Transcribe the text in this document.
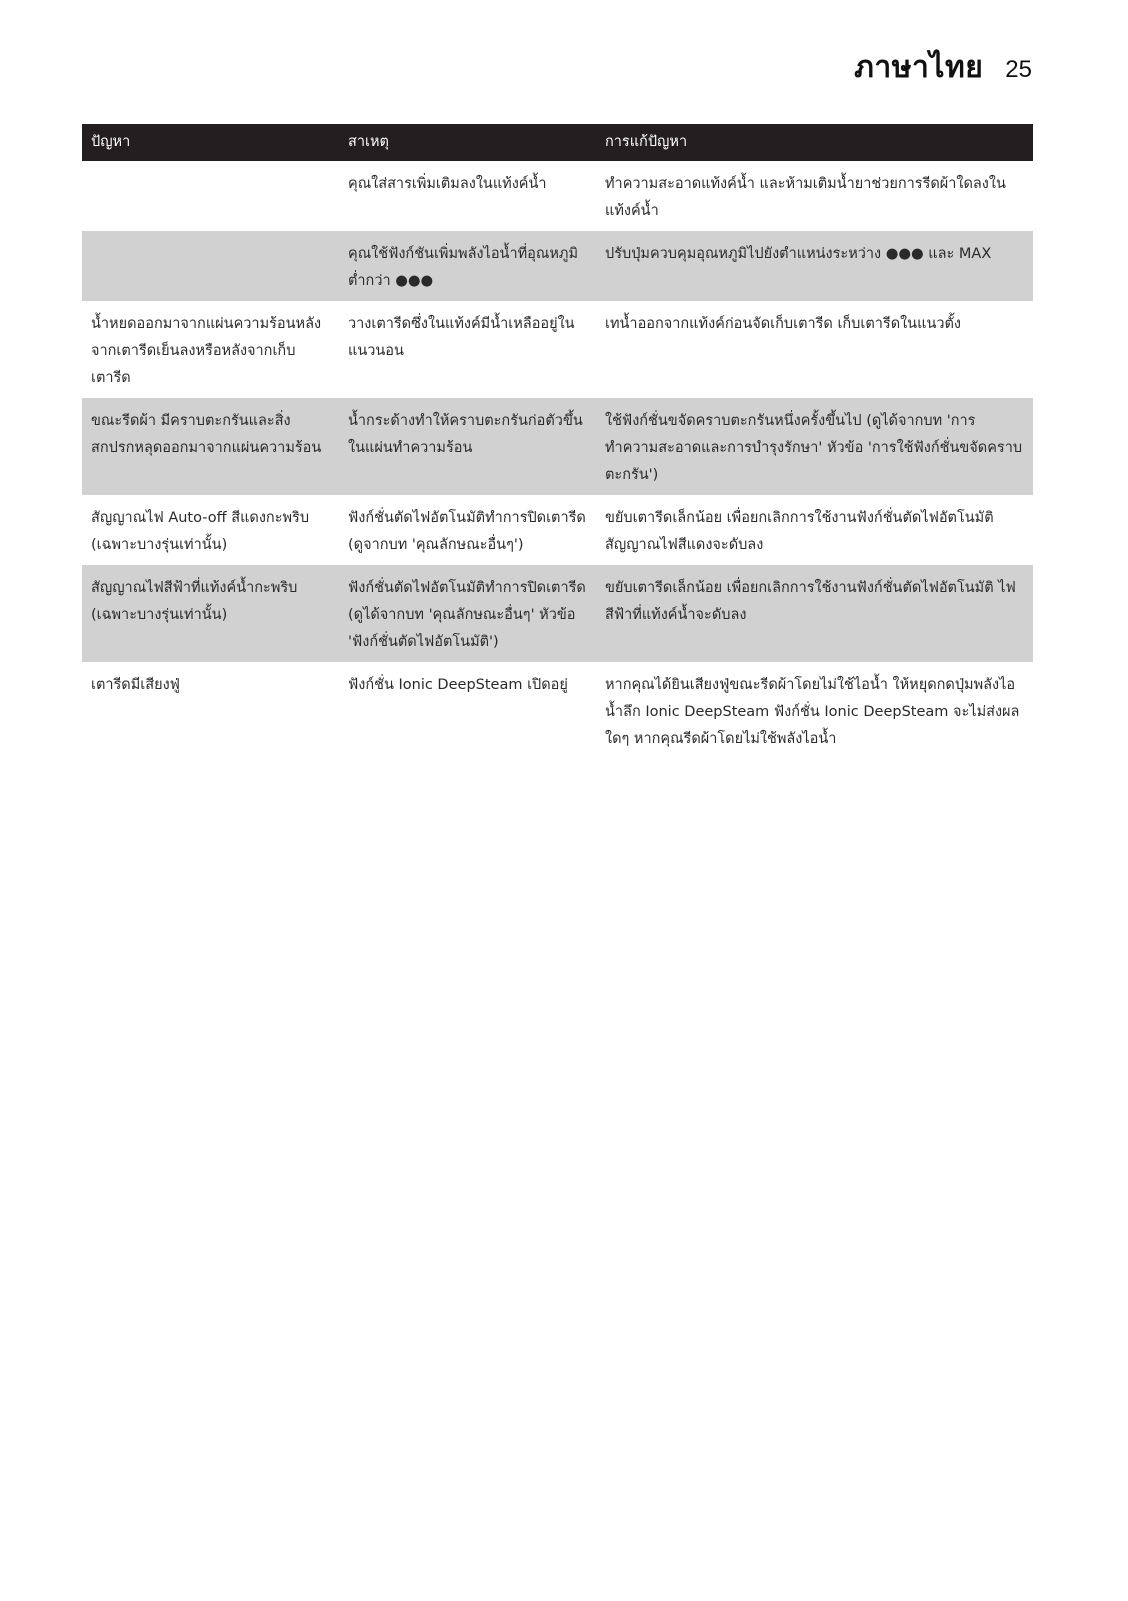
ภาษาไทย 25
ปัญหา	สาเหตุ	การแก้ปัญหา
	คุณใส่สารเพิ่มเติมลงในแท้งค์น้ำ	ทำความสะอาดแท้งค์น้ำ และห้ามเติมน้ำยาช่วยการรีดผ้าใดลงในแท้งค์น้ำ
	คุณใช้ฟังก์ชันเพิ่มพลังไอน้ำที่อุณหภูมิต่ำกว่า ●●●	ปรับปุ่มควบคุมอุณหภูมิไปยังตำแหน่งระหว่าง ●●● และ MAX
น้ำหยดออกมาจากแผ่นความร้อนหลังจากเตารีดเย็นลงหรือหลังจากเก็บเตารีด	วางเตารีดซึ่งในแท้งค์มีน้ำเหลืออยู่ในแนวนอน	เทน้ำออกจากแท้งค์ก่อนจัดเก็บเตารีด เก็บเตารีดในแนวตั้ง
ขณะรีดผ้า มีคราบตะกรันและสิ่งสกปรกหลุดออกมาจากแผ่นความร้อน	น้ำกระด้างทำให้คราบตะกรันก่อตัวขึ้นในแผ่นทำความร้อน	ใช้ฟังก์ชั่นขจัดคราบตะกรันหนึ่งครั้งขึ้นไป (ดูได้จากบท 'การทำความสะอาดและการบำรุงรักษา' หัวข้อ 'การใช้ฟังก์ชั่นขจัดคราบตะกรัน')
สัญญาณไฟ Auto-off สีแดงกะพริบ (เฉพาะบางรุ่นเท่านั้น)	ฟังก์ชั่นตัดไฟอัตโนมัติทำการปิดเตารีด (ดูจากบท 'คุณลักษณะอื่นๆ')	ขยับเตารีดเล็กน้อย เพื่อยกเลิกการใช้งานฟังก์ชั่นตัดไฟอัตโนมัติ สัญญาณไฟสีแดงจะดับลง
สัญญาณไฟสีฟ้าที่แท้งค์น้ำกะพริบ (เฉพาะบางรุ่นเท่านั้น)	ฟังก์ชั่นตัดไฟอัตโนมัติทำการปิดเตารีด (ดูได้จากบท 'คุณลักษณะอื่นๆ' หัวข้อ 'ฟังก์ชั่นตัดไฟอัตโนมัติ')	ขยับเตารีดเล็กน้อย เพื่อยกเลิกการใช้งานฟังก์ชั่นตัดไฟอัตโนมัติ ไฟสีฟ้าที่แท้งค์น้ำจะดับลง
เตารีดมีเสียงฟู่	ฟังก์ชั่น Ionic DeepSteam เปิดอยู่	หากคุณได้ยินเสียงฟู่ขณะรีดผ้าโดยไม่ใช้ไอน้ำ ให้หยุดกดปุ่มพลังไอน้ำลึก Ionic DeepSteam ฟังก์ชั่น Ionic DeepSteam จะไม่ส่งผลใดๆ หากคุณรีดผ้าโดยไม่ใช้พลังไอน้ำ
